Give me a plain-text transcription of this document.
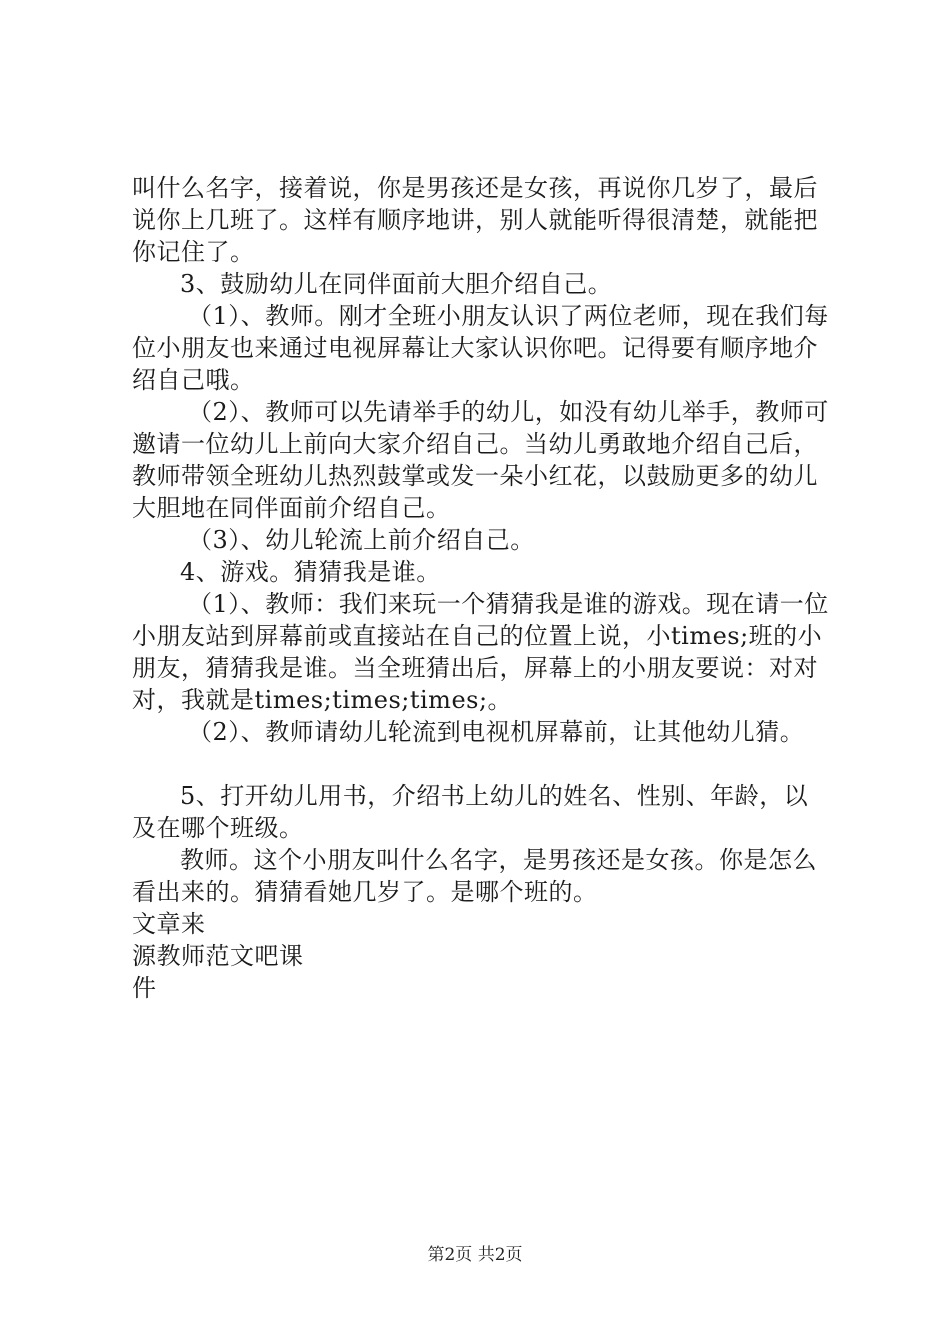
叫什么名字，接着说，你是男孩还是女孩，再说你几岁了，最后说你上几班了。这样有顺序地讲，别人就能听得很清楚，就能把你记住了。

3、鼓励幼儿在同伴面前大胆介绍自己。

（1）、教师。刚才全班小朋友认识了两位老师，现在我们每位小朋友也来通过电视屏幕让大家认识你吧。记得要有顺序地介绍自己哦。

（2）、教师可以先请举手的幼儿，如没有幼儿举手，教师可邀请一位幼儿上前向大家介绍自己。当幼儿勇敢地介绍自己后，教师带领全班幼儿热烈鼓掌或发一朵小红花，以鼓励更多的幼儿大胆地在同伴面前介绍自己。

（3）、幼儿轮流上前介绍自己。

4、游戏。猜猜我是谁。

（1）、教师：我们来玩一个猜猜我是谁的游戏。现在请一位小朋友站到屏幕前或直接站在自己的位置上说，小times;班的小朋友，猜猜我是谁。当全班猜出后，屏幕上的小朋友要说：对对对，我就是times;times;times;。

（2）、教师请幼儿轮流到电视机屏幕前，让其他幼儿猜。

5、打开幼儿用书，介绍书上幼儿的姓名、性别、年龄，以及在哪个班级。

教师。这个小朋友叫什么名字，是男孩还是女孩。你是怎么看出来的。猜猜看她几岁了。是哪个班的。

文章来

源教师范文吧课

件

第2页 共2页
